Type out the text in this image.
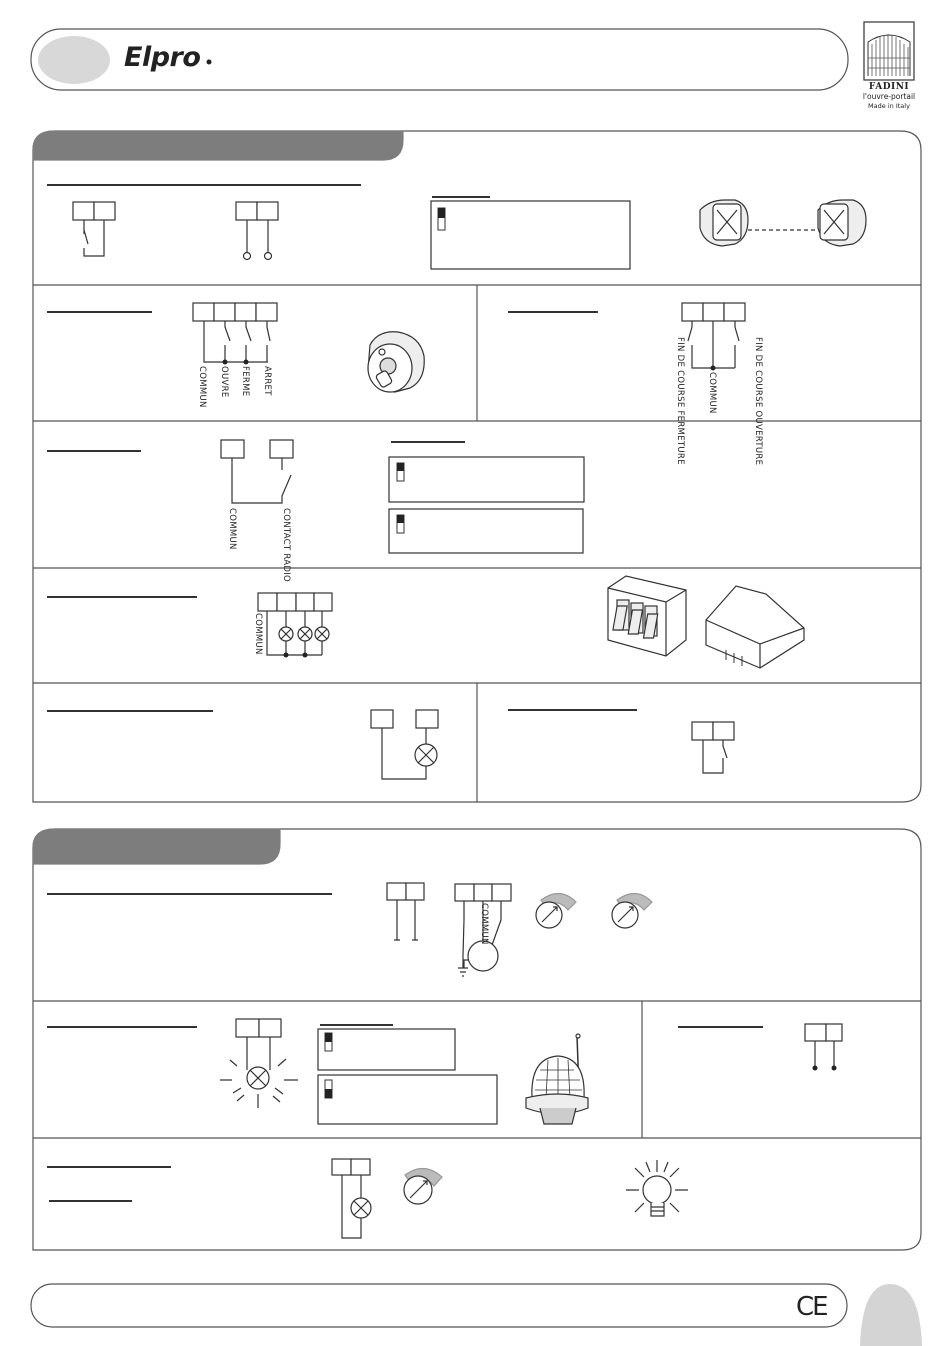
Elpro
FADINI
l'ouvre-portail
Made in Italy
COMMUN OUVRE FERME ARRET	FIN DE COURSE FERMETURE	COMMUN	FIN DE COURSE OUVERTURE
COMMUN	CONTACT RADIO
COMMUN
COMMUN
CE
